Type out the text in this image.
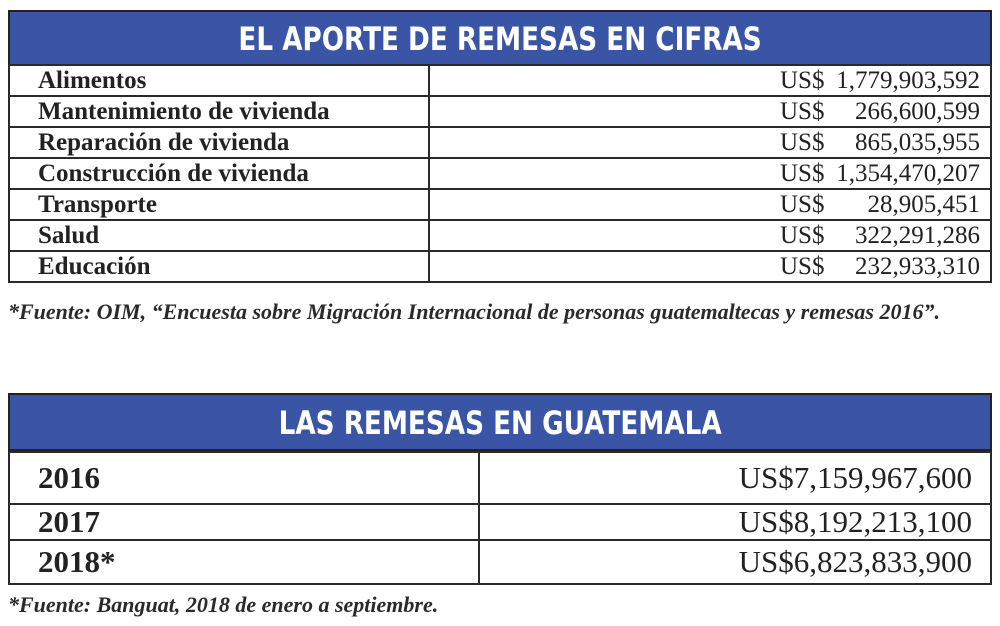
EL APORTE DE REMESAS EN CIFRAS
Alimentos	US$ 1,779,903,592

Mantenimiento de vivienda	US$ 266,600,599

Reparación de vivienda	US$ 865,035,955

Construcción de vivienda	US$ 1,354,470,207

Transporte	US$ 28,905,451

Salud	US$ 322,291,286

Educación	US$ 232,933,310
*Fuente: OIM, “Encuesta sobre Migración Internacional de personas guatemaltecas y remesas 2016”.
LAS REMESAS EN GUATEMALA
2016	US$7,159,967,600
2017	US$8,192,213,100
2018*	US$6,823,833,900
*Fuente: Banguat, 2018 de enero a septiembre.
